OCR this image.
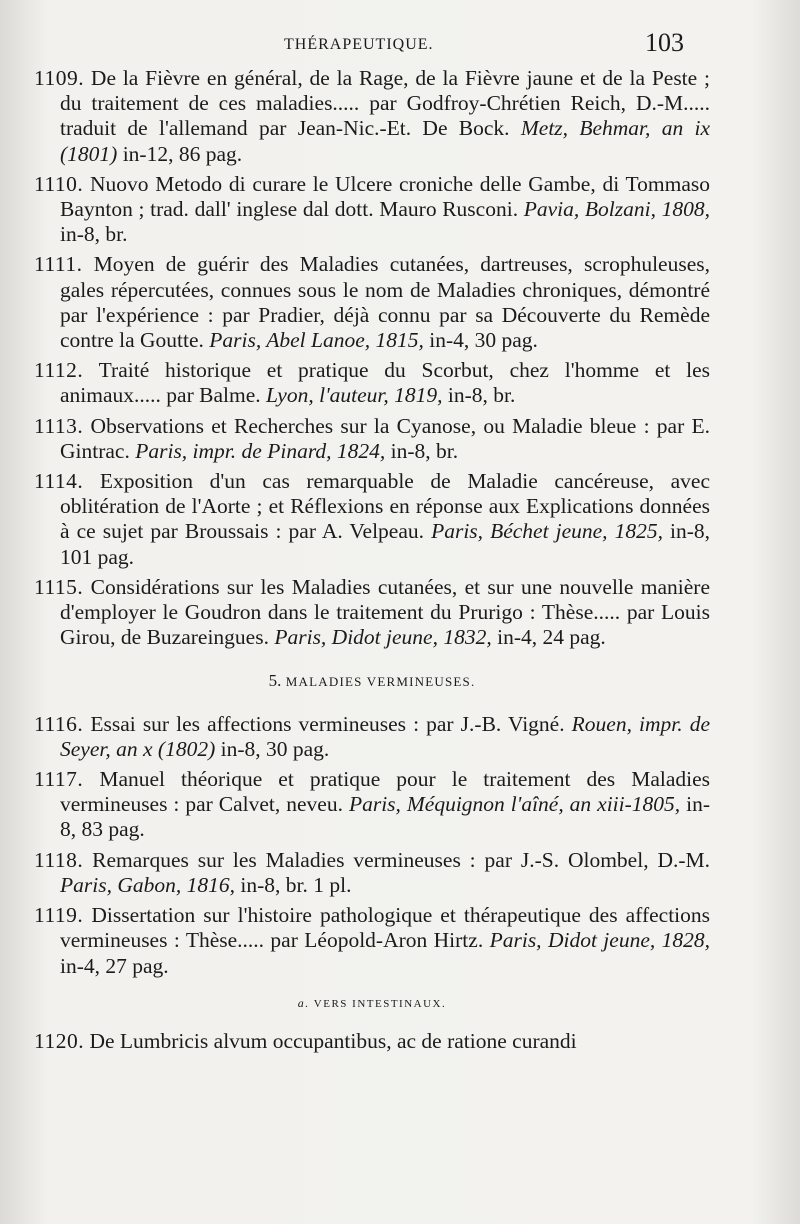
THÉRAPEUTIQUE.	103

1109. De la Fièvre en général, de la Rage, de la Fièvre jaune et de la Peste ; du traitement de ces maladies..... par Godfroy-Chrétien Reich, D.-M..... traduit de l'allemand par Jean-Nic.-Et. De Bock. Metz, Behmar, an ix (1801) in-12, 86 pag.

1110. Nuovo Metodo di curare le Ulcere croniche delle Gambe, di Tommaso Baynton ; trad. dall' inglese dal dott. Mauro Rusconi. Pavia, Bolzani, 1808, in-8, br.

1111. Moyen de guérir des Maladies cutanées, dartreuses, scrophuleuses, gales répercutées, connues sous le nom de Maladies chroniques, démontré par l'expérience : par Pradier, déjà connu par sa Découverte du Remède contre la Goutte. Paris, Abel Lanoe, 1815, in-4, 30 pag.

1112. Traité historique et pratique du Scorbut, chez l'homme et les animaux..... par Balme. Lyon, l'auteur, 1819, in-8, br.

1113. Observations et Recherches sur la Cyanose, ou Maladie bleue : par E. Gintrac. Paris, impr. de Pinard, 1824, in-8, br.

1114. Exposition d'un cas remarquable de Maladie cancéreuse, avec oblitération de l'Aorte ; et Réflexions en réponse aux Explications données à ce sujet par Broussais : par A. Velpeau. Paris, Béchet jeune, 1825, in-8, 101 pag.

1115. Considérations sur les Maladies cutanées, et sur une nouvelle manière d'employer le Goudron dans le traitement du Prurigo : Thèse..... par Louis Girou, de Buzareingues. Paris, Didot jeune, 1832, in-4, 24 pag.

5. MALADIES VERMINEUSES.

1116. Essai sur les affections vermineuses : par J.-B. Vigné. Rouen, impr. de Seyer, an x (1802) in-8, 30 pag.

1117. Manuel théorique et pratique pour le traitement des Maladies vermineuses : par Calvet, neveu. Paris, Méquignon l'aîné, an xiii-1805, in-8, 83 pag.

1118. Remarques sur les Maladies vermineuses : par J.-S. Olombel, D.-M. Paris, Gabon, 1816, in-8, br. 1 pl.

1119. Dissertation sur l'histoire pathologique et thérapeutique des affections vermineuses : Thèse..... par Léopold-Aron Hirtz. Paris, Didot jeune, 1828, in-4, 27 pag.

a. VERS INTESTINAUX.

1120. De Lumbricis alvum occupantibus, ac de ratione curandi
